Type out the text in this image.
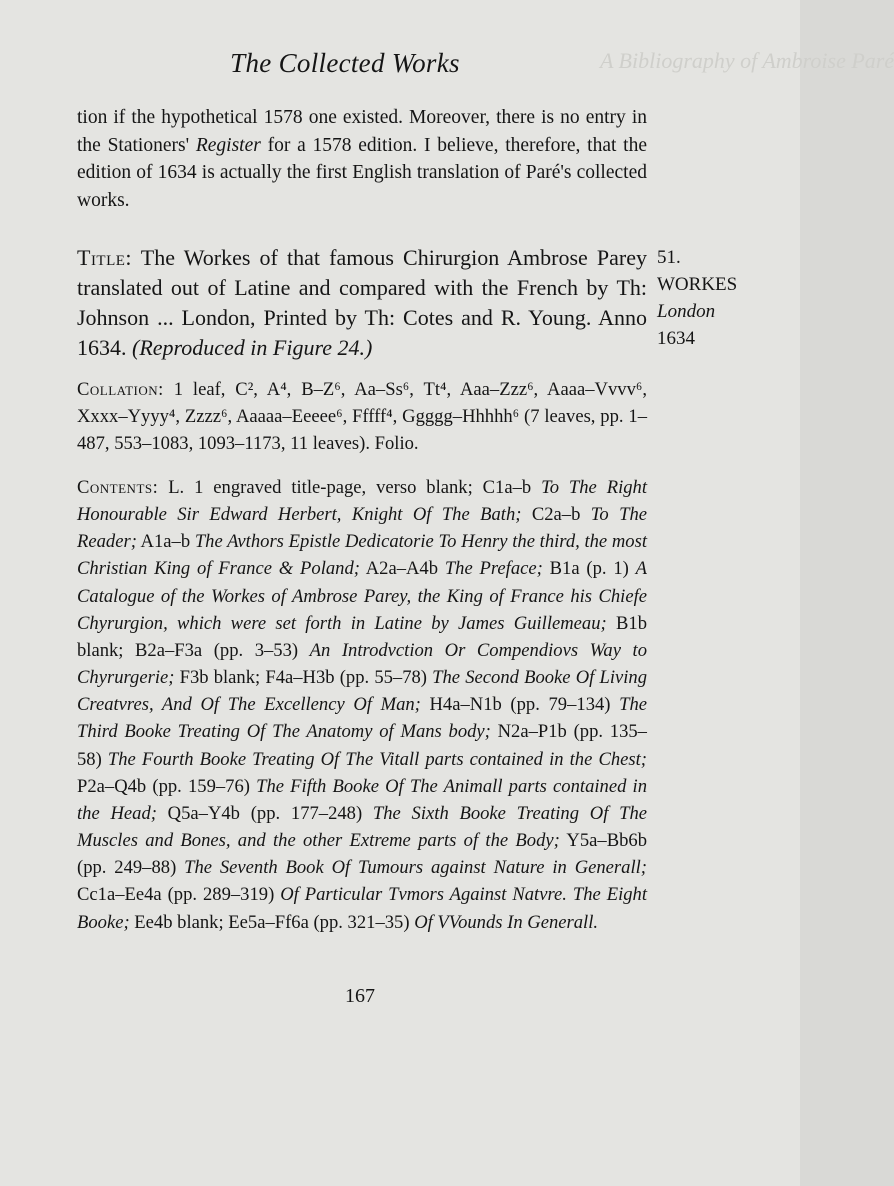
A Bibliography of Ambroise Paré
The Collected Works

tion if the hypothetical 1578 one existed. Moreover, there is no entry in the Stationers' Register for a 1578 edition. I believe, therefore, that the edition of 1634 is actually the first English translation of Paré's collected works.

Title: The Workes of that famous Chirurgion Ambrose Parey translated out of Latine and compared with the French by Th: Johnson ... London, Printed by Th: Cotes and R. Young. Anno 1634. (Reproduced in Figure 24.)

51.
WORKES
London
1634

Collation: 1 leaf, C², A⁴, B–Z⁶, Aa–Ss⁶, Tt⁴, Aaa–Zzz⁶, Aaaa–Vvvv⁶, Xxxx–Yyyy⁴, Zzzz⁶, Aaaaa–Eeeee⁶, Fffff⁴, Ggggg–Hhhhh⁶ (7 leaves, pp. 1–487, 553–1083, 1093–1173, 11 leaves). Folio.

Contents: L. 1 engraved title-page, verso blank; C1a–b To The Right Honourable Sir Edward Herbert, Knight Of The Bath; C2a–b To The Reader; A1a–b The Avthors Epistle Dedicatorie To Henry the third, the most Christian King of France & Poland; A2a–A4b The Preface; B1a (p. 1) A Catalogue of the Workes of Ambrose Parey, the King of France his Chiefe Chyrurgion, which were set forth in Latine by James Guillemeau; B1b blank; B2a–F3a (pp. 3–53) An Introdvction Or Compendiovs Way to Chyrurgerie; F3b blank; F4a–H3b (pp. 55–78) The Second Booke Of Living Creatvres, And Of The Excellency Of Man; H4a–N1b (pp. 79–134) The Third Booke Treating Of The Anatomy of Mans body; N2a–P1b (pp. 135–58) The Fourth Booke Treating Of The Vitall parts contained in the Chest; P2a–Q4b (pp. 159–76) The Fifth Booke Of The Animall parts contained in the Head; Q5a–Y4b (pp. 177–248) The Sixth Booke Treating Of The Muscles and Bones, and the other Extreme parts of the Body; Y5a–Bb6b (pp. 249–88) The Seventh Book Of Tumours against Nature in Generall; Cc1a–Ee4a (pp. 289–319) Of Particular Tvmors Against Natvre. The Eight Booke; Ee4b blank; Ee5a–Ff6a (pp. 321–35) Of VVounds In Generall.

167
